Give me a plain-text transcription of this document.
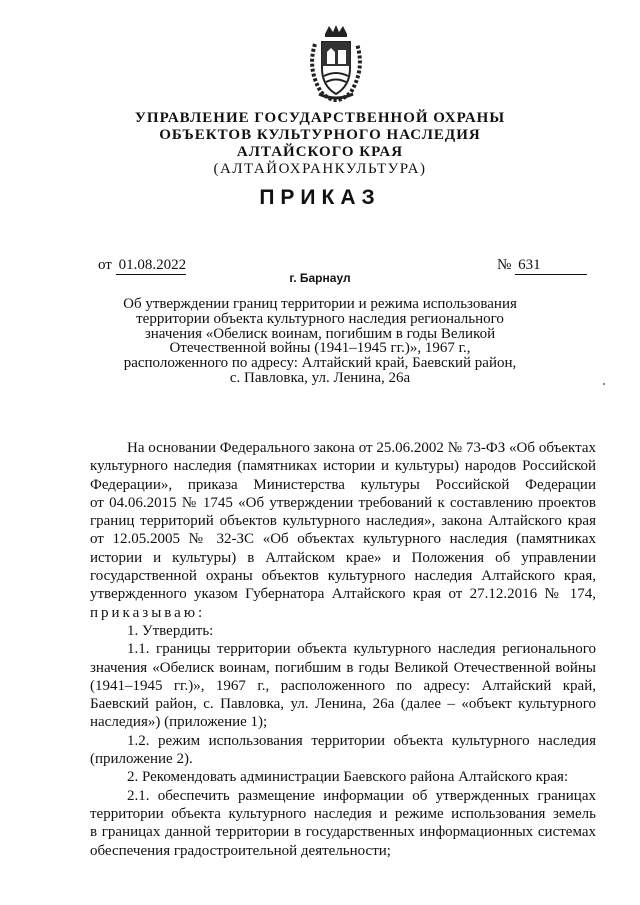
УПРАВЛЕНИЕ ГОСУДАРСТВЕННОЙ ОХРАНЫ
ОБЪЕКТОВ КУЛЬТУРНОГО НАСЛЕДИЯ
АЛТАЙСКОГО КРАЯ
(АЛТАЙОХРАНКУЛЬТУРА)
ПРИКАЗ
от 01.08.2022	№ 631
г. Барнаул
Об утверждении границ территории и режима использования
территории объекта культурного наследия регионального
значения «Обелиск воинам, погибшим в годы Великой
Отечественной войны (1941–1945 гг.)», 1967 г.,
расположенного по адресу: Алтайский край, Баевский район,
с. Павловка, ул. Ленина, 26а
На основании Федерального закона от 25.06.2002 № 73-ФЗ «Об объектах
культурного наследия (памятниках истории и культуры) народов Российской
Федерации», приказа Министерства культуры Российской Федерации
от 04.06.2015 № 1745 «Об утверждении требований к составлению проектов
границ территорий объектов культурного наследия», закона Алтайского края
от 12.05.2005 № 32-ЗС «Об объектах культурного наследия (памятниках
истории и культуры) в Алтайском крае» и Положения об управлении
государственной охраны объектов культурного наследия Алтайского края,
утвержденного указом Губернатора Алтайского края от 27.12.2016 № 174,
приказываю:
1. Утвердить:
1.1. границы территории объекта культурного наследия регионального
значения «Обелиск воинам, погибшим в годы Великой Отечественной войны
(1941–1945 гг.)», 1967 г., расположенного по адресу: Алтайский край,
Баевский район, с. Павловка, ул. Ленина, 26а (далее – «объект культурного
наследия») (приложение 1);
1.2. режим использования территории объекта культурного наследия
(приложение 2).
2. Рекомендовать администрации Баевского района Алтайского края:
2.1. обеспечить размещение информации об утвержденных границах
территории объекта культурного наследия и режиме использования земель
в границах данной территории в государственных информационных системах
обеспечения градостроительной деятельности;
